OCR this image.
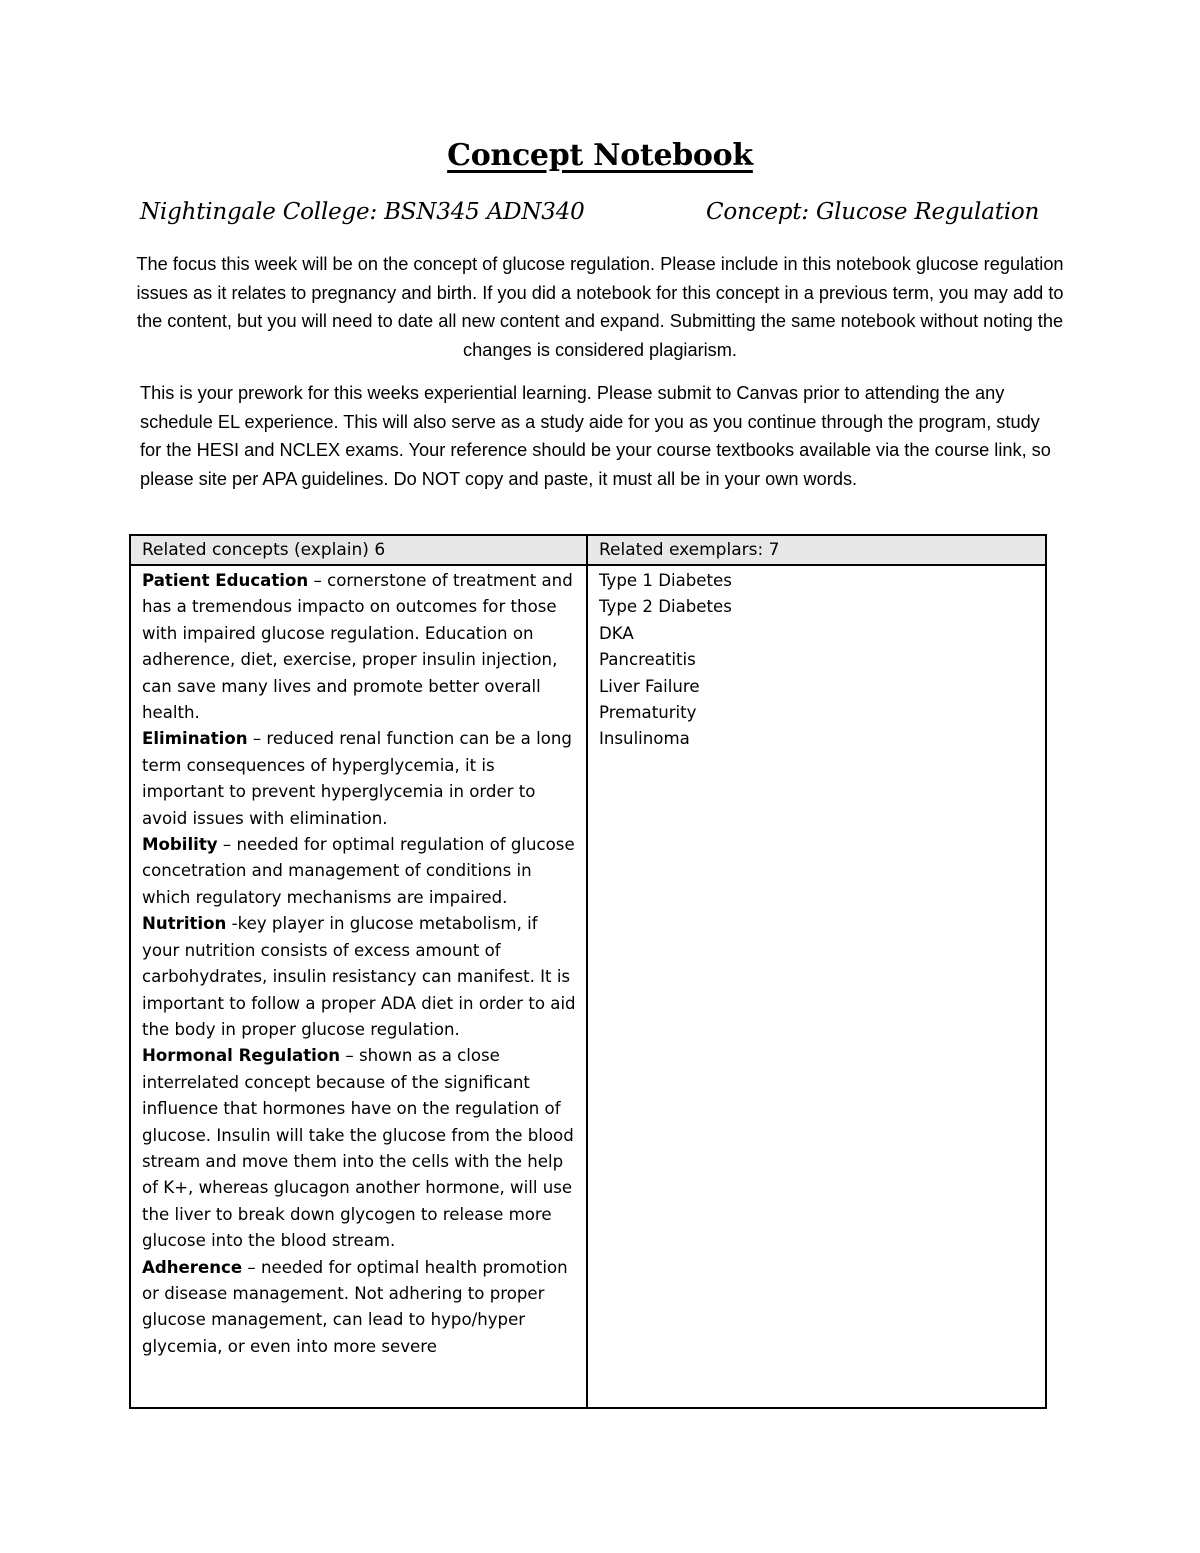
Concept Notebook
Nightingale College: BSN345 ADN340	Concept: Glucose Regulation

The focus this week will be on the concept of glucose regulation. Please include in this notebook glucose regulation issues as it relates to pregnancy and birth. If you did a notebook for this concept in a previous term, you may add to the content, but you will need to date all new content and expand. Submitting the same notebook without noting the changes is considered plagiarism.

This is your prework for this weeks experiential learning. Please submit to Canvas prior to attending the any schedule EL experience. This will also serve as a study aide for you as you continue through the program, study for the HESI and NCLEX exams. Your reference should be your course textbooks available via the course link, so please site per APA guidelines. Do NOT copy and paste, it must all be in your own words.

Related concepts (explain) 6	Related exemplars: 7
Patient Education – cornerstone of treatment and has a tremendous impacto on outcomes for those with impaired glucose regulation. Education on adherence, diet, exercise, proper insulin injection, can save many lives and promote better overall health.
Elimination – reduced renal function can be a long term consequences of hyperglycemia, it is important to prevent hyperglycemia in order to avoid issues with elimination.
Mobility – needed for optimal regulation of glucose concetration and management of conditions in which regulatory mechanisms are impaired.
Nutrition -key player in glucose metabolism, if your nutrition consists of excess amount of carbohydrates, insulin resistancy can manifest. It is important to follow a proper ADA diet in order to aid the body in proper glucose regulation.
Hormonal Regulation – shown as a close interrelated concept because of the significant influence that hormones have on the regulation of glucose. Insulin will take the glucose from the blood stream and move them into the cells with the help of K+, whereas glucagon another hormone, will use the liver to break down glycogen to release more glucose into the blood stream.
Adherence – needed for optimal health promotion or disease management. Not adhering to proper glucose management, can lead to hypo/hyper glycemia, or even into more severe
Type 1 Diabetes
Type 2 Diabetes
DKA
Pancreatitis
Liver Failure
Prematurity
Insulinoma
